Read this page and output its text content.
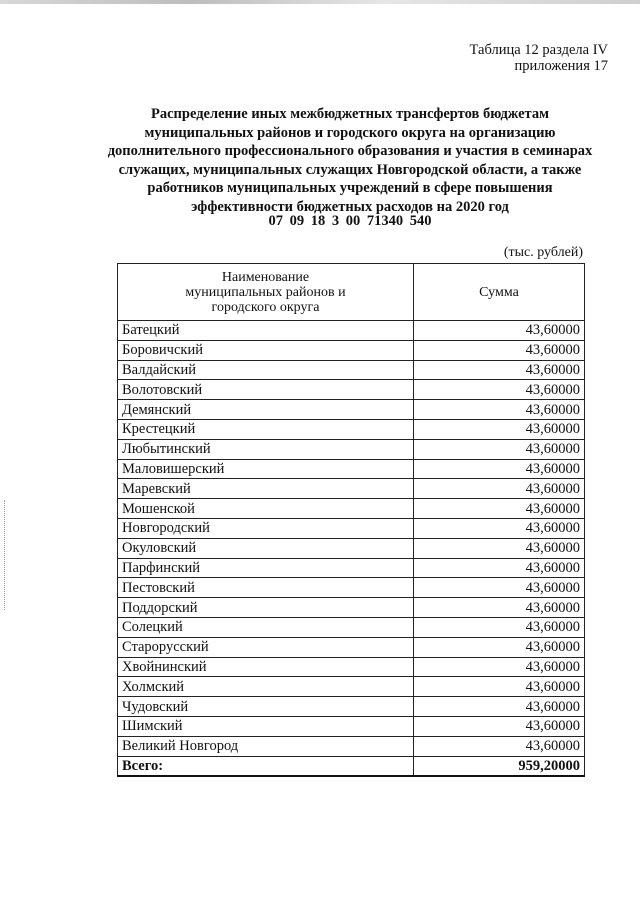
Таблица 12 раздела IV
приложения 17
Распределение иных межбюджетных трансфертов бюджетам
муниципальных районов и городского округа на организацию
дополнительного профессионального образования и участия в семинарах
служащих, муниципальных служащих Новгородской области, а также
работников муниципальных учреждений в сфере повышения
эффективности бюджетных расходов на 2020 год
07 09 18 3 00 71340 540
(тыс. рублей)
Наименование
муниципальных районов и
городского округа	Сумма
Батецкий	43,60000
Боровичский	43,60000
Валдайский	43,60000
Волотовский	43,60000
Демянский	43,60000
Крестецкий	43,60000
Любытинский	43,60000
Маловишерский	43,60000
Маревский	43,60000
Мошенской	43,60000
Новгородский	43,60000
Окуловский	43,60000
Парфинский	43,60000
Пестовский	43,60000
Поддорский	43,60000
Солецкий	43,60000
Старорусский	43,60000
Хвойнинский	43,60000
Холмский	43,60000
Чудовский	43,60000
Шимский	43,60000
Великий Новгород	43,60000
Всего:	959,20000
